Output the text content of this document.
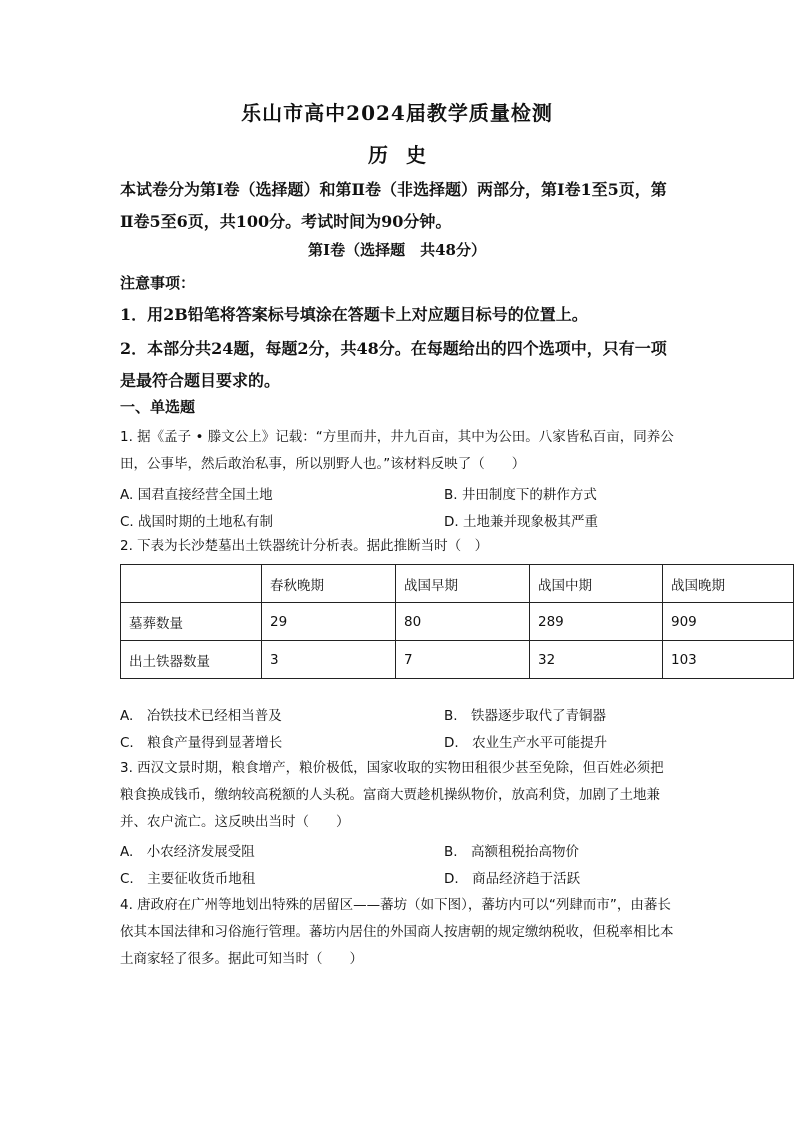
乐山市高中2024届教学质量检测
历史
本试卷分为第Ⅰ卷（选择题）和第Ⅱ卷（非选择题）两部分，第Ⅰ卷1至5页，第Ⅱ卷5至6页，共100分。考试时间为90分钟。
第Ⅰ卷（选择题　共48分）
注意事项：
1．用2B铅笔将答案标号填涂在答题卡上对应题目标号的位置上。
2．本部分共24题，每题2分，共48分。在每题给出的四个选项中，只有一项是最符合题目要求的。
一、单选题
1. 据《孟子 • 滕文公上》记载：“方里而井，井九百亩，其中为公田。八家皆私百亩，同养公田，公事毕，然后敢治私事，所以别野人也。”该材料反映了（　　）
A. 国君直接经营全国土地	B. 井田制度下的耕作方式
C. 战国时期的土地私有制	D. 土地兼并现象极其严重
2. 下表为长沙楚墓出土铁器统计分析表。据此推断当时（　）
	春秋晚期	战国早期	战国中期	战国晚期
墓葬数量	29	80	289	909
出土铁器数量	3	7	32	103
A.　冶铁技术已经相当普及	B.　铁器逐步取代了青铜器
C.　粮食产量得到显著增长	D.　农业生产水平可能提升
3. 西汉文景时期，粮食增产，粮价极低，国家收取的实物田租很少甚至免除，但百姓必须把粮食换成钱币，缴纳较高税额的人头税。富商大贾趁机操纵物价，放高利贷，加剧了土地兼并、农户流亡。这反映出当时（　　）
A.　小农经济发展受阻	B.　高额租税抬高物价
C.　主要征收货币地租	D.　商品经济趋于活跃
4. 唐政府在广州等地划出特殊的居留区——蕃坊（如下图），蕃坊内可以“列肆而市”，由蕃长依其本国法律和习俗施行管理。蕃坊内居住的外国商人按唐朝的规定缴纳税收，但税率相比本土商家轻了很多。据此可知当时（　　）
